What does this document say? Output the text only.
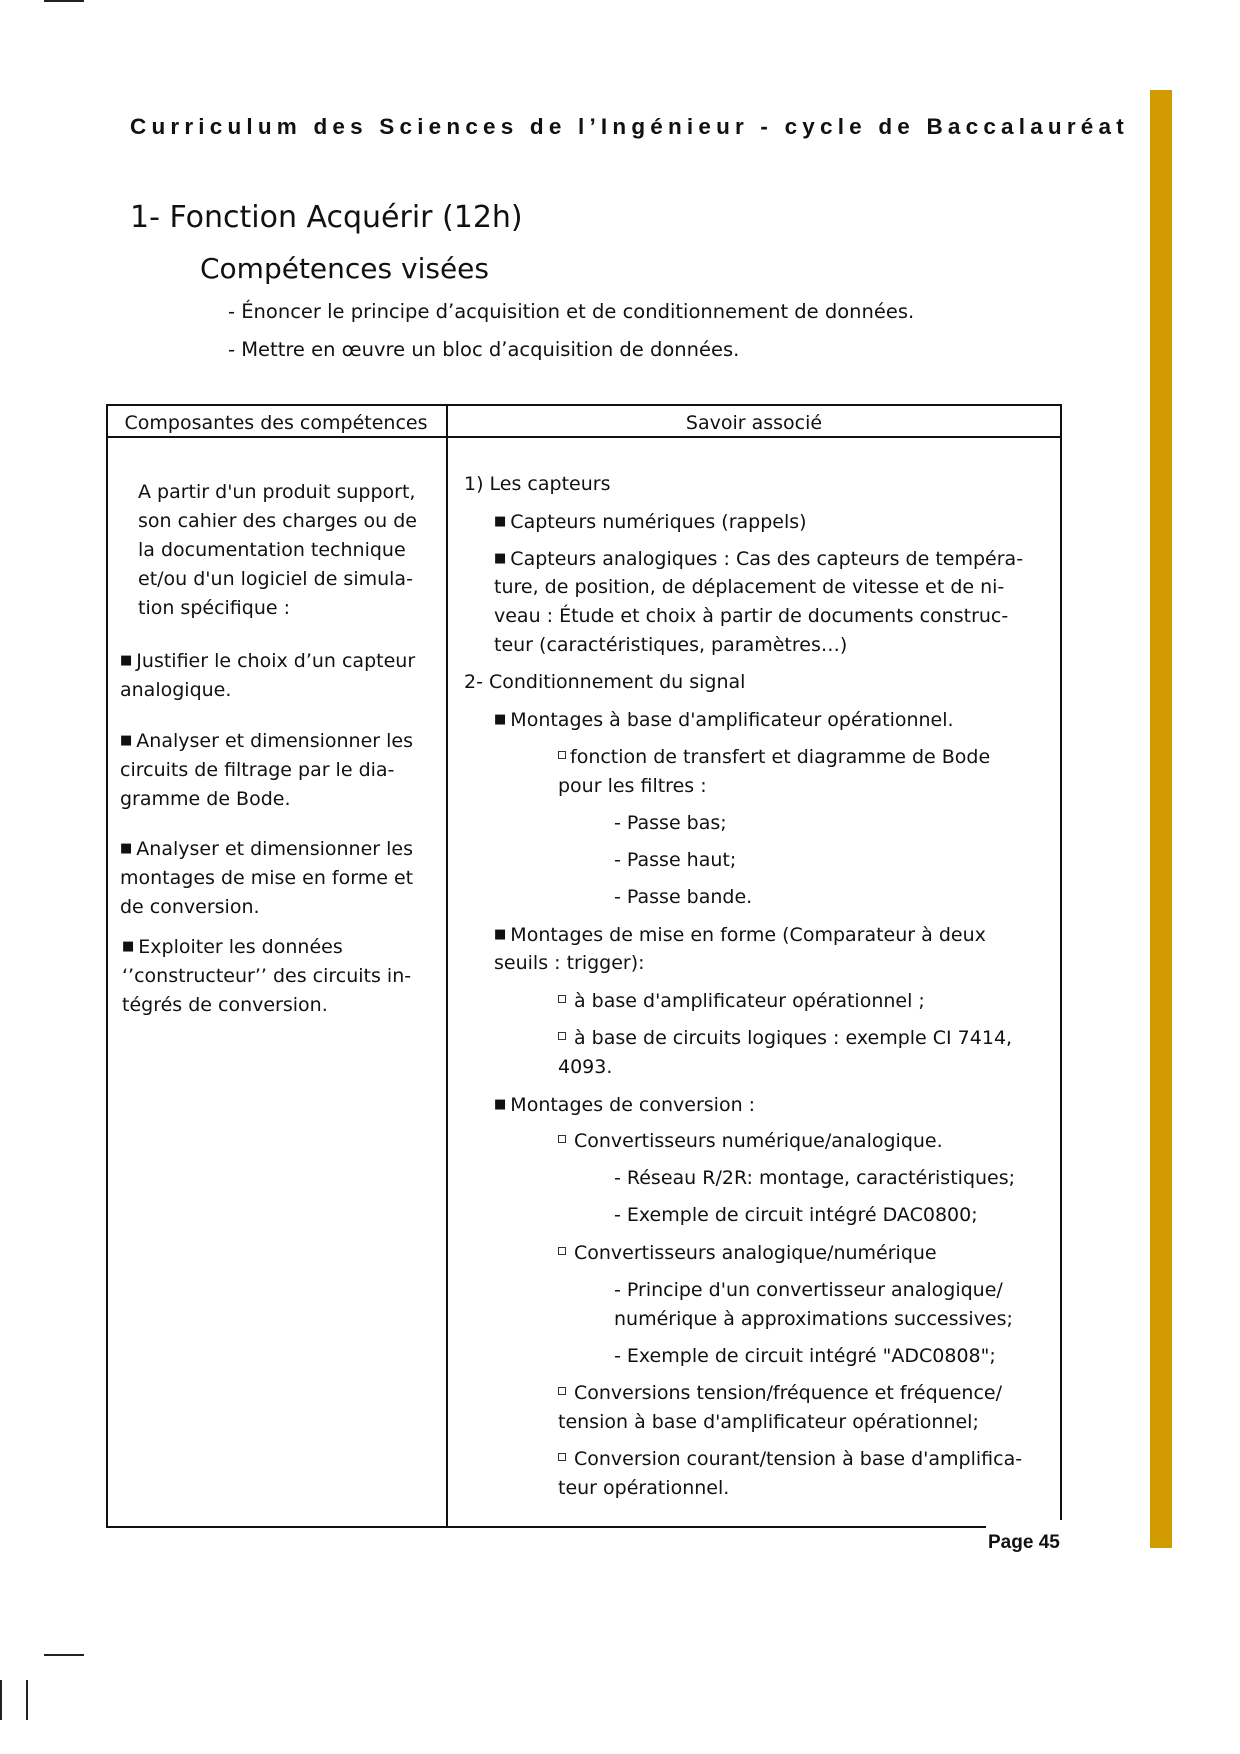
Curriculum des Sciences de l’Ingénieur - cycle de Baccalauréat
1- Fonction Acquérir (12h)
Compétences visées
- Énoncer le principe d’acquisition et de conditionnement de données.
- Mettre en œuvre un bloc d’acquisition de données.
Composantes des compétences	Savoir associé
A partir d'un produit support,
son cahier des charges ou de
la documentation technique
et/ou d'un logiciel de simula-
tion spécifique :
■ Justifier le choix d’un capteur
analogique.
■ Analyser et dimensionner les
circuits de filtrage par le dia-
gramme de Bode.
■ Analyser et dimensionner les
montages de mise en forme et
de conversion.
■ Exploiter les données
‘’constructeur’’ des circuits in-
tégrés de conversion.
1) Les capteurs
■ Capteurs numériques (rappels)
■ Capteurs analogiques : Cas des capteurs de tempéra-
ture, de position, de déplacement de vitesse et de ni-
veau : Étude et choix à partir de documents construc-
teur (caractéristiques, paramètres…)
2- Conditionnement du signal
■ Montages à base d'amplificateur opérationnel.
fonction de transfert et diagramme de Bode
pour les filtres :
- Passe bas;
- Passe haut;
- Passe bande.
■ Montages de mise en forme (Comparateur à deux
seuils : trigger):
à base d'amplificateur opérationnel ;
à base de circuits logiques : exemple CI 7414,
4093.
■ Montages de conversion :
Convertisseurs numérique/analogique.
- Réseau R/2R: montage, caractéristiques;
- Exemple de circuit intégré DAC0800;
Convertisseurs analogique/numérique
- Principe d'un convertisseur analogique/
numérique à approximations successives;
- Exemple de circuit intégré "ADC0808";
Conversions tension/fréquence et fréquence/
tension à base d'amplificateur opérationnel;
Conversion courant/tension à base d'amplifica-
teur opérationnel.
Page 45
